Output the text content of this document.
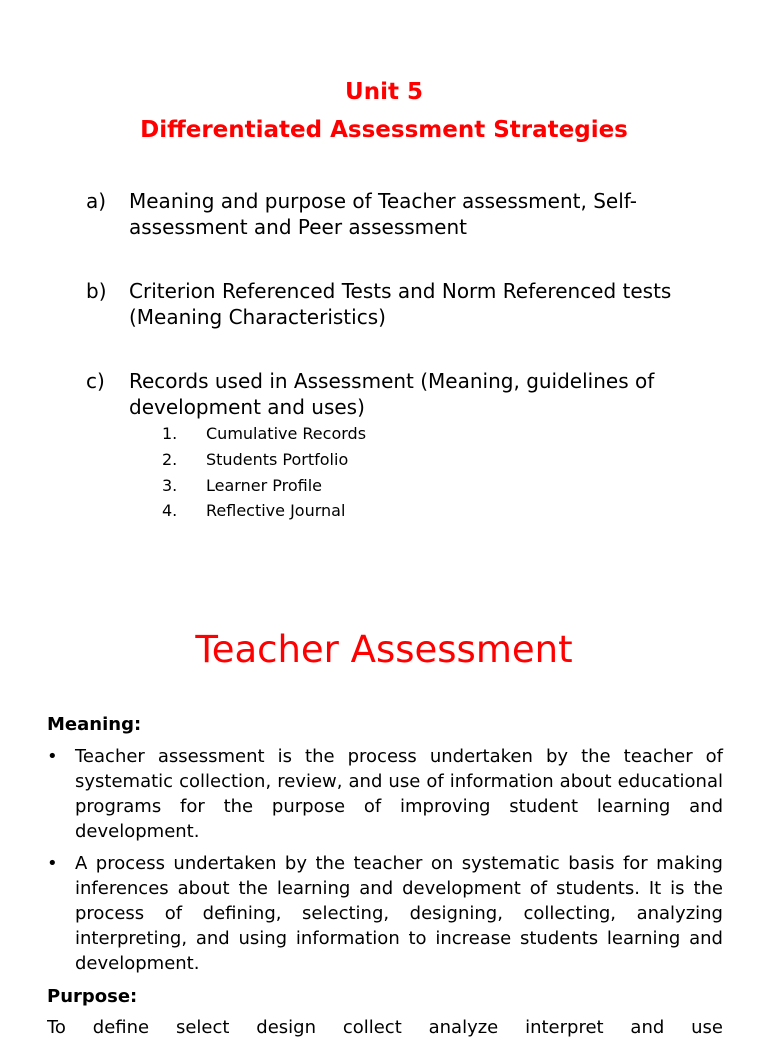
Unit 5
Differentiated Assessment Strategies
a) Meaning and purpose of Teacher assessment, Self-assessment and Peer assessment
b) Criterion Referenced Tests and Norm Referenced tests (Meaning Characteristics)
c) Records used in Assessment (Meaning, guidelines of development and uses)
1. Cumulative Records
2. Students Portfolio
3. Learner Profile
4. Reflective Journal
Teacher Assessment
Meaning:
• Teacher assessment is the process undertaken by the teacher of systematic collection, review, and use of information about educational programs for the purpose of improving student learning and development.
• A process undertaken by the teacher on systematic basis for making inferences about the learning and development of students. It is the process of defining, selecting, designing, collecting, analyzing interpreting, and using information to increase students learning and development.
Purpose:
To define select design collect analyze interpret and use
